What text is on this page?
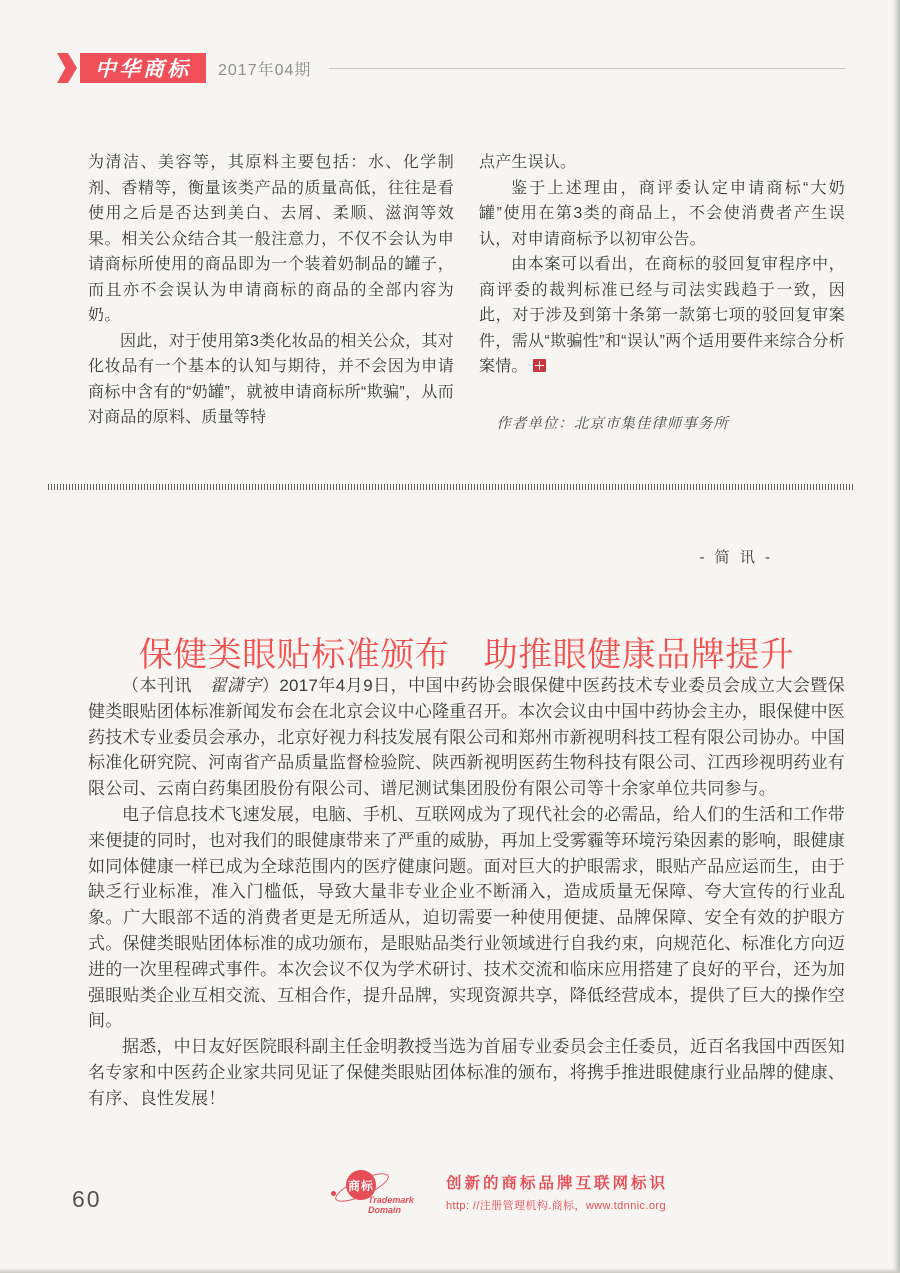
中华商标 2017年04期

为清洁、美容等，其原料主要包括：水、化学制剂、香精等，衡量该类产品的质量高低，往往是看使用之后是否达到美白、去屑、柔顺、滋润等效果。相关公众结合其一般注意力，不仅不会认为申请商标所使用的商品即为一个装着奶制品的罐子，而且亦不会误认为申请商标的商品的全部内容为奶。

因此，对于使用第3类化妆品的相关公众，其对化妆品有一个基本的认知与期待，并不会因为申请商标中含有的“奶罐”，就被申请商标所“欺骗”，从而对商品的原料、质量等特

点产生误认。

鉴于上述理由，商评委认定申请商标“大奶罐”使用在第3类的商品上，不会使消费者产生误认，对申请商标予以初审公告。

由本案可以看出，在商标的驳回复审程序中，商评委的裁判标准已经与司法实践趋于一致，因此，对于涉及到第十条第一款第七项的驳回复审案件，需从“欺骗性”和“误认”两个适用要件来综合分析案情。

作者单位：北京市集佳律师事务所
- 简 讯 -
保健类眼贴标准颁布　助推眼健康品牌提升

（本刊讯　翟潇宇）2017年4月9日，中国中药协会眼保健中医药技术专业委员会成立大会暨保健类眼贴团体标准新闻发布会在北京会议中心隆重召开。本次会议由中国中药协会主办，眼保健中医药技术专业委员会承办，北京好视力科技发展有限公司和郑州市新视明科技工程有限公司协办。中国标准化研究院、河南省产品质量监督检验院、陕西新视明医药生物科技有限公司、江西珍视明药业有限公司、云南白药集团股份有限公司、谱尼测试集团股份有限公司等十余家单位共同参与。

电子信息技术飞速发展，电脑、手机、互联网成为了现代社会的必需品，给人们的生活和工作带来便捷的同时，也对我们的眼健康带来了严重的威胁，再加上受雾霾等环境污染因素的影响，眼健康如同体健康一样已成为全球范围内的医疗健康问题。面对巨大的护眼需求，眼贴产品应运而生，由于缺乏行业标准，准入门槛低，导致大量非专业企业不断涌入，造成质量无保障、夸大宣传的行业乱象。广大眼部不适的消费者更是无所适从，迫切需要一种使用便捷、品牌保障、安全有效的护眼方式。保健类眼贴团体标准的成功颁布，是眼贴品类行业领域进行自我约束，向规范化、标准化方向迈进的一次里程碑式事件。本次会议不仅为学术研讨、技术交流和临床应用搭建了良好的平台，还为加强眼贴类企业互相交流、互相合作，提升品牌，实现资源共享，降低经营成本，提供了巨大的操作空间。

据悉，中日友好医院眼科副主任金明教授当选为首届专业委员会主任委员，近百名我国中西医知名专家和中医药企业家共同见证了保健类眼贴团体标准的颁布，将携手推进眼健康行业品牌的健康、有序、良性发展！

60
商标
Trademark Domain
创新的商标品牌互联网标识
http: //注册管理机构.商标，www.tdnnic.org
